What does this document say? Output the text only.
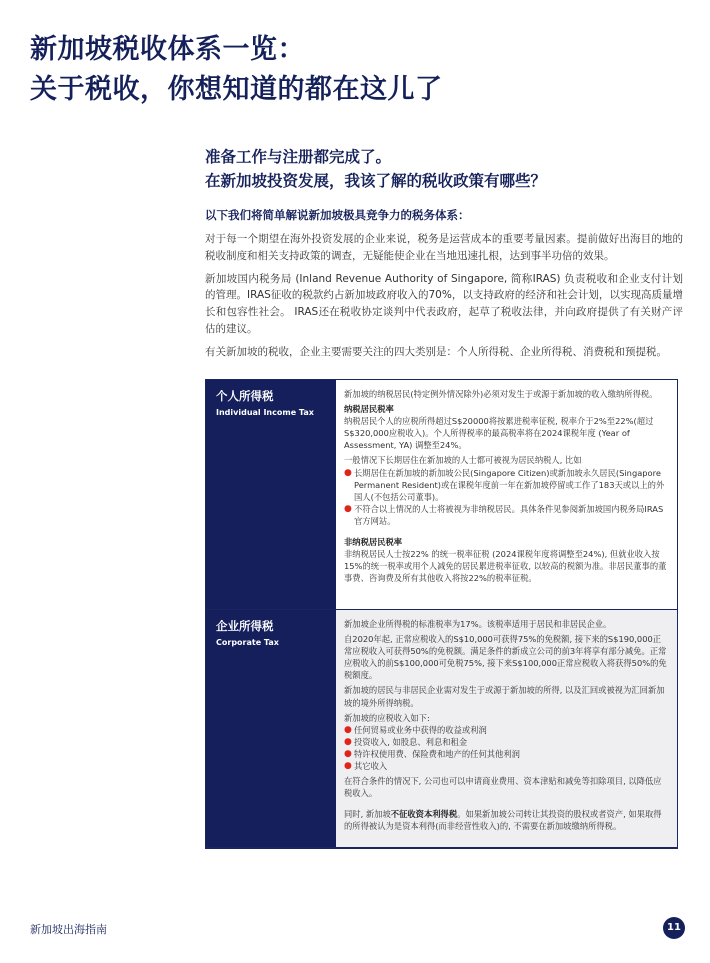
新加坡税收体系一览：
关于税收，你想知道的都在这儿了
准备工作与注册都完成了。
在新加坡投资发展，我该了解的税收政策有哪些？
以下我们将简单解说新加坡极具竞争力的税务体系：

对于每一个期望在海外投资发展的企业来说，税务是运营成本的重要考量因素。提前做好出海目的地的税收制度和相关支持政策的调查，无疑能使企业在当地迅速扎根，达到事半功倍的效果。

新加坡国内税务局 (Inland Revenue Authority of Singapore, 简称IRAS) 负责税收和企业支付计划的管理。IRAS征收的税款约占新加坡政府收入的70%，以支持政府的经济和社会计划，以实现高质量增长和包容性社会。 IRAS还在税收协定谈判中代表政府，起草了税收法律，并向政府提供了有关财产评估的建议。

有关新加坡的税收，企业主要需要关注的四大类别是：个人所得税、企业所得税、消费税和预提税。

个人所得税
Individual Income Tax

新加坡的纳税居民(特定例外情况除外)必须对发生于或源于新加坡的收入缴纳所得税。

纳税居民税率

纳税居民个人的应税所得超过S$20000将按累进税率征税, 税率介于2%至22%(超过S$320,000应税收入)。个人所得税率的最高税率将在2024课税年度 (Year of Assessment, YA) 调整至24%。

一般情况下长期居住在新加坡的人士都可被视为居民纳税人, 比如

● 长期居住在新加坡的新加坡公民(Singapore Citizen)或新加坡永久居民(Singapore Permanent Resident)或在课税年度前一年在新加坡停留或工作了183天或以上的外国人(不包括公司董事)。
● 不符合以上情况的人士将被视为非纳税居民。具体条件见参阅新加坡国内税务局IRAS官方网站。

非纳税居民税率

非纳税居民人士按22% 的统一税率征税 (2024课税年度将调整至24%), 但就业收入按15%的统一税率或用个人减免的居民累进税率征收, 以较高的税额为准。非居民董事的董事费、咨询费及所有其他收入将按22%的税率征税。

企业所得税
Corporate Tax

新加坡企业所得税的标准税率为17%。该税率适用于居民和非居民企业。

自2020年起, 正常应税收入的S$10,000可获得75%的免税额, 接下来的S$190,000正常应税收入可获得50%的免税额。满足条件的新成立公司的前3年将享有部分减免。正常应税收入的前S$100,000可免税75%, 接下来S$100,000正常应税收入将获得50%的免税额度。

新加坡的居民与非居民企业需对发生于或源于新加坡的所得, 以及汇回或被视为汇回新加坡的境外所得纳税。

新加坡的应税收入如下:

● 任何贸易或业务中获得的收益或利润
● 投资收入, 如股息、利息和租金
● 特许权使用费、保险费和地产的任何其他利润
● 其它收入

在符合条件的情况下, 公司也可以申请商业费用、资本津贴和减免等扣除项目, 以降低应税收入。

同时, 新加坡不征收资本利得税。如果新加坡公司转让其投资的股权或者资产, 如果取得的所得被认为是资本利得(而非经营性收入)的, 不需要在新加坡缴纳所得税。

新加坡出海指南	11
